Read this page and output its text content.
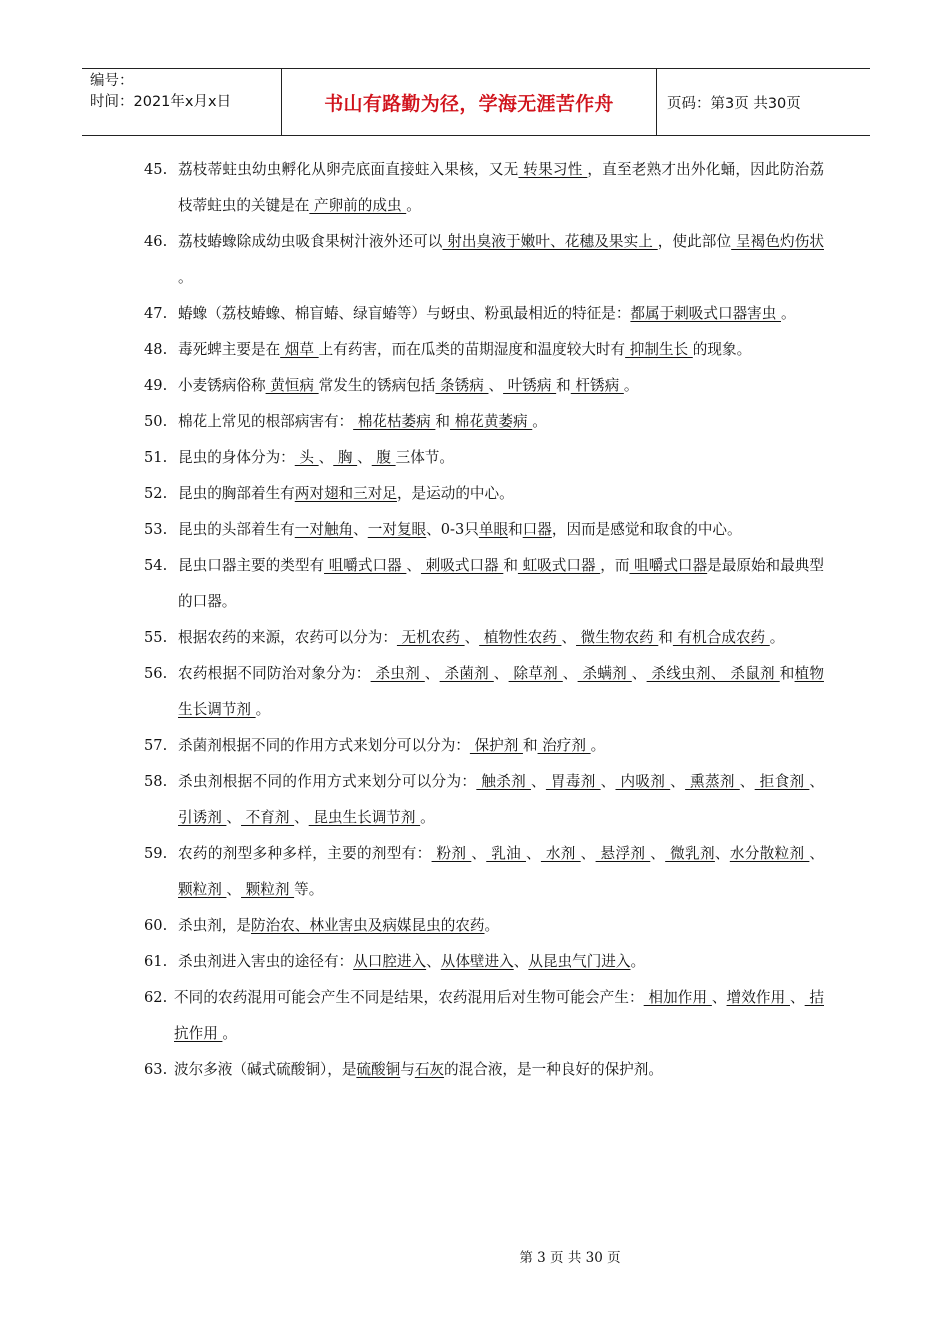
编号：
时间：2021年x月x日	书山有路勤为径，学海无涯苦作舟	页码：第3页 共30页
45. 荔枝蒂蛀虫幼虫孵化从卵壳底面直接蛀入果核，又无 转果习性 ，直至老熟才出外化蛹，因此防治荔枝蒂蛀虫的关键是在 产卵前的成虫 。
46. 荔枝蝽蟓除成幼虫吸食果树汁液外还可以 射出臭液于嫩叶、花穗及果实上 ，使此部位 呈褐色灼伤状 。
47. 蝽蟓（荔枝蝽蟓、棉盲蝽、绿盲蝽等）与蚜虫、粉虱最相近的特征是：都属于刺吸式口器害虫 。
48. 毒死蜱主要是在 烟草 上有药害，而在瓜类的苗期湿度和温度较大时有 抑制生长 的现象。
49. 小麦锈病俗称 黄恒病 常发生的锈病包括 条锈病 、 叶锈病 和 杆锈病 。
50. 棉花上常见的根部病害有： 棉花枯萎病 和 棉花黄萎病 。
51. 昆虫的身体分为： 头 、 胸 、 腹 三体节。
52. 昆虫的胸部着生有两对翅和三对足，是运动的中心。
53. 昆虫的头部着生有一对触角、一对复眼、0-3只单眼和口器，因而是感觉和取食的中心。
54. 昆虫口器主要的类型有 咀嚼式口器 、 刺吸式口器 和 虹吸式口器 ，而 咀嚼式口器是最原始和最典型的口器。
55. 根据农药的来源，农药可以分为： 无机农药 、 植物性农药 、 微生物农药 和 有机合成农药 。
56. 农药根据不同防治对象分为： 杀虫剂 、 杀菌剂 、 除草剂 、 杀螨剂 、 杀线虫剂、 杀鼠剂 和植物生长调节剂 。
57. 杀菌剂根据不同的作用方式来划分可以分为： 保护剂 和 治疗剂 。
58. 杀虫剂根据不同的作用方式来划分可以分为： 触杀剂 、 胃毒剂 、 内吸剂 、 熏蒸剂 、 拒食剂 、 引诱剂 、 不育剂 、 昆虫生长调节剂 。
59. 农药的剂型多种多样，主要的剂型有： 粉剂 、 乳油 、 水剂 、 悬浮剂 、 微乳剂、水分散粒剂 、 颗粒剂 、 颗粒剂 等。
60. 杀虫剂，是防治农、林业害虫及病媒昆虫的农药。
61. 杀虫剂进入害虫的途径有：从口腔进入、从体壁进入、从昆虫气门进入。
62. 不同的农药混用可能会产生不同是结果，农药混用后对生物可能会产生： 相加作用 、增效作用 、 拮抗作用 。
63. 波尔多液（碱式硫酸铜），是硫酸铜与石灰的混合液，是一种良好的保护剂。
第 3 页 共 30 页
